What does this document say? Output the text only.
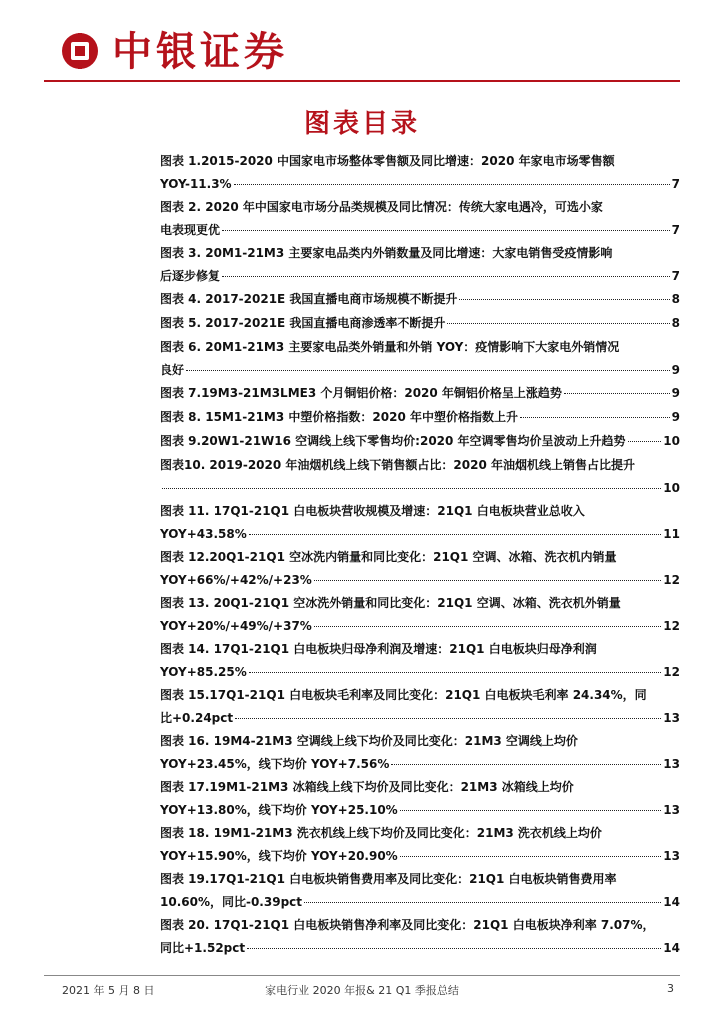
中银证券
图表目录
图表 1.2015-2020 中国家电市场整体零售额及同比增速：2020 年家电市场零售额
YOY-11.3%	7
图表 2. 2020 年中国家电市场分品类规模及同比情况：传统大家电遇冷，可选小家
电表现更优	7
图表 3. 20M1-21M3 主要家电品类内外销数量及同比增速：大家电销售受疫情影响
后逐步修复	7
图表 4. 2017-2021E 我国直播电商市场规模不断提升	8
图表 5. 2017-2021E 我国直播电商渗透率不断提升	8
图表 6. 20M1-21M3 主要家电品类外销量和外销 YOY：疫情影响下大家电外销情况
良好	9
图表 7.19M3-21M3LME3 个月铜铝价格：2020 年铜铝价格呈上涨趋势	9
图表 8. 15M1-21M3 中塑价格指数：2020 年中塑价格指数上升	9
图表 9.20W1-21W16 空调线上线下零售均价:2020 年空调零售均价呈波动上升趋势	10
图表10. 2019-2020 年油烟机线上线下销售额占比：2020 年油烟机线上销售占比提升
10
图表 11. 17Q1-21Q1 白电板块营收规模及增速：21Q1 白电板块营业总收入
YOY+43.58%	11
图表 12.20Q1-21Q1 空冰洗内销量和同比变化：21Q1 空调、冰箱、洗衣机内销量
YOY+66%/+42%/+23%	12
图表 13. 20Q1-21Q1 空冰洗外销量和同比变化：21Q1 空调、冰箱、洗衣机外销量
YOY+20%/+49%/+37%	12
图表 14. 17Q1-21Q1 白电板块归母净利润及增速：21Q1 白电板块归母净利润
YOY+85.25%	12
图表 15.17Q1-21Q1 白电板块毛利率及同比变化：21Q1 白电板块毛利率 24.34%，同
比+0.24pct	13
图表 16. 19M4-21M3 空调线上线下均价及同比变化：21M3 空调线上均价
YOY+23.45%，线下均价 YOY+7.56%	13
图表 17.19M1-21M3 冰箱线上线下均价及同比变化：21M3 冰箱线上均价
YOY+13.80%，线下均价 YOY+25.10%	13
图表 18. 19M1-21M3 洗衣机线上线下均价及同比变化：21M3 洗衣机线上均价
YOY+15.90%，线下均价 YOY+20.90%	13
图表 19.17Q1-21Q1 白电板块销售费用率及同比变化：21Q1 白电板块销售费用率
10.60%，同比-0.39pct	14
图表 20. 17Q1-21Q1 白电板块销售净利率及同比变化：21Q1 白电板块净利率 7.07%，
同比+1.52pct	14
2021 年 5 月 8 日	家电行业 2020 年报& 21 Q1 季报总结	3
